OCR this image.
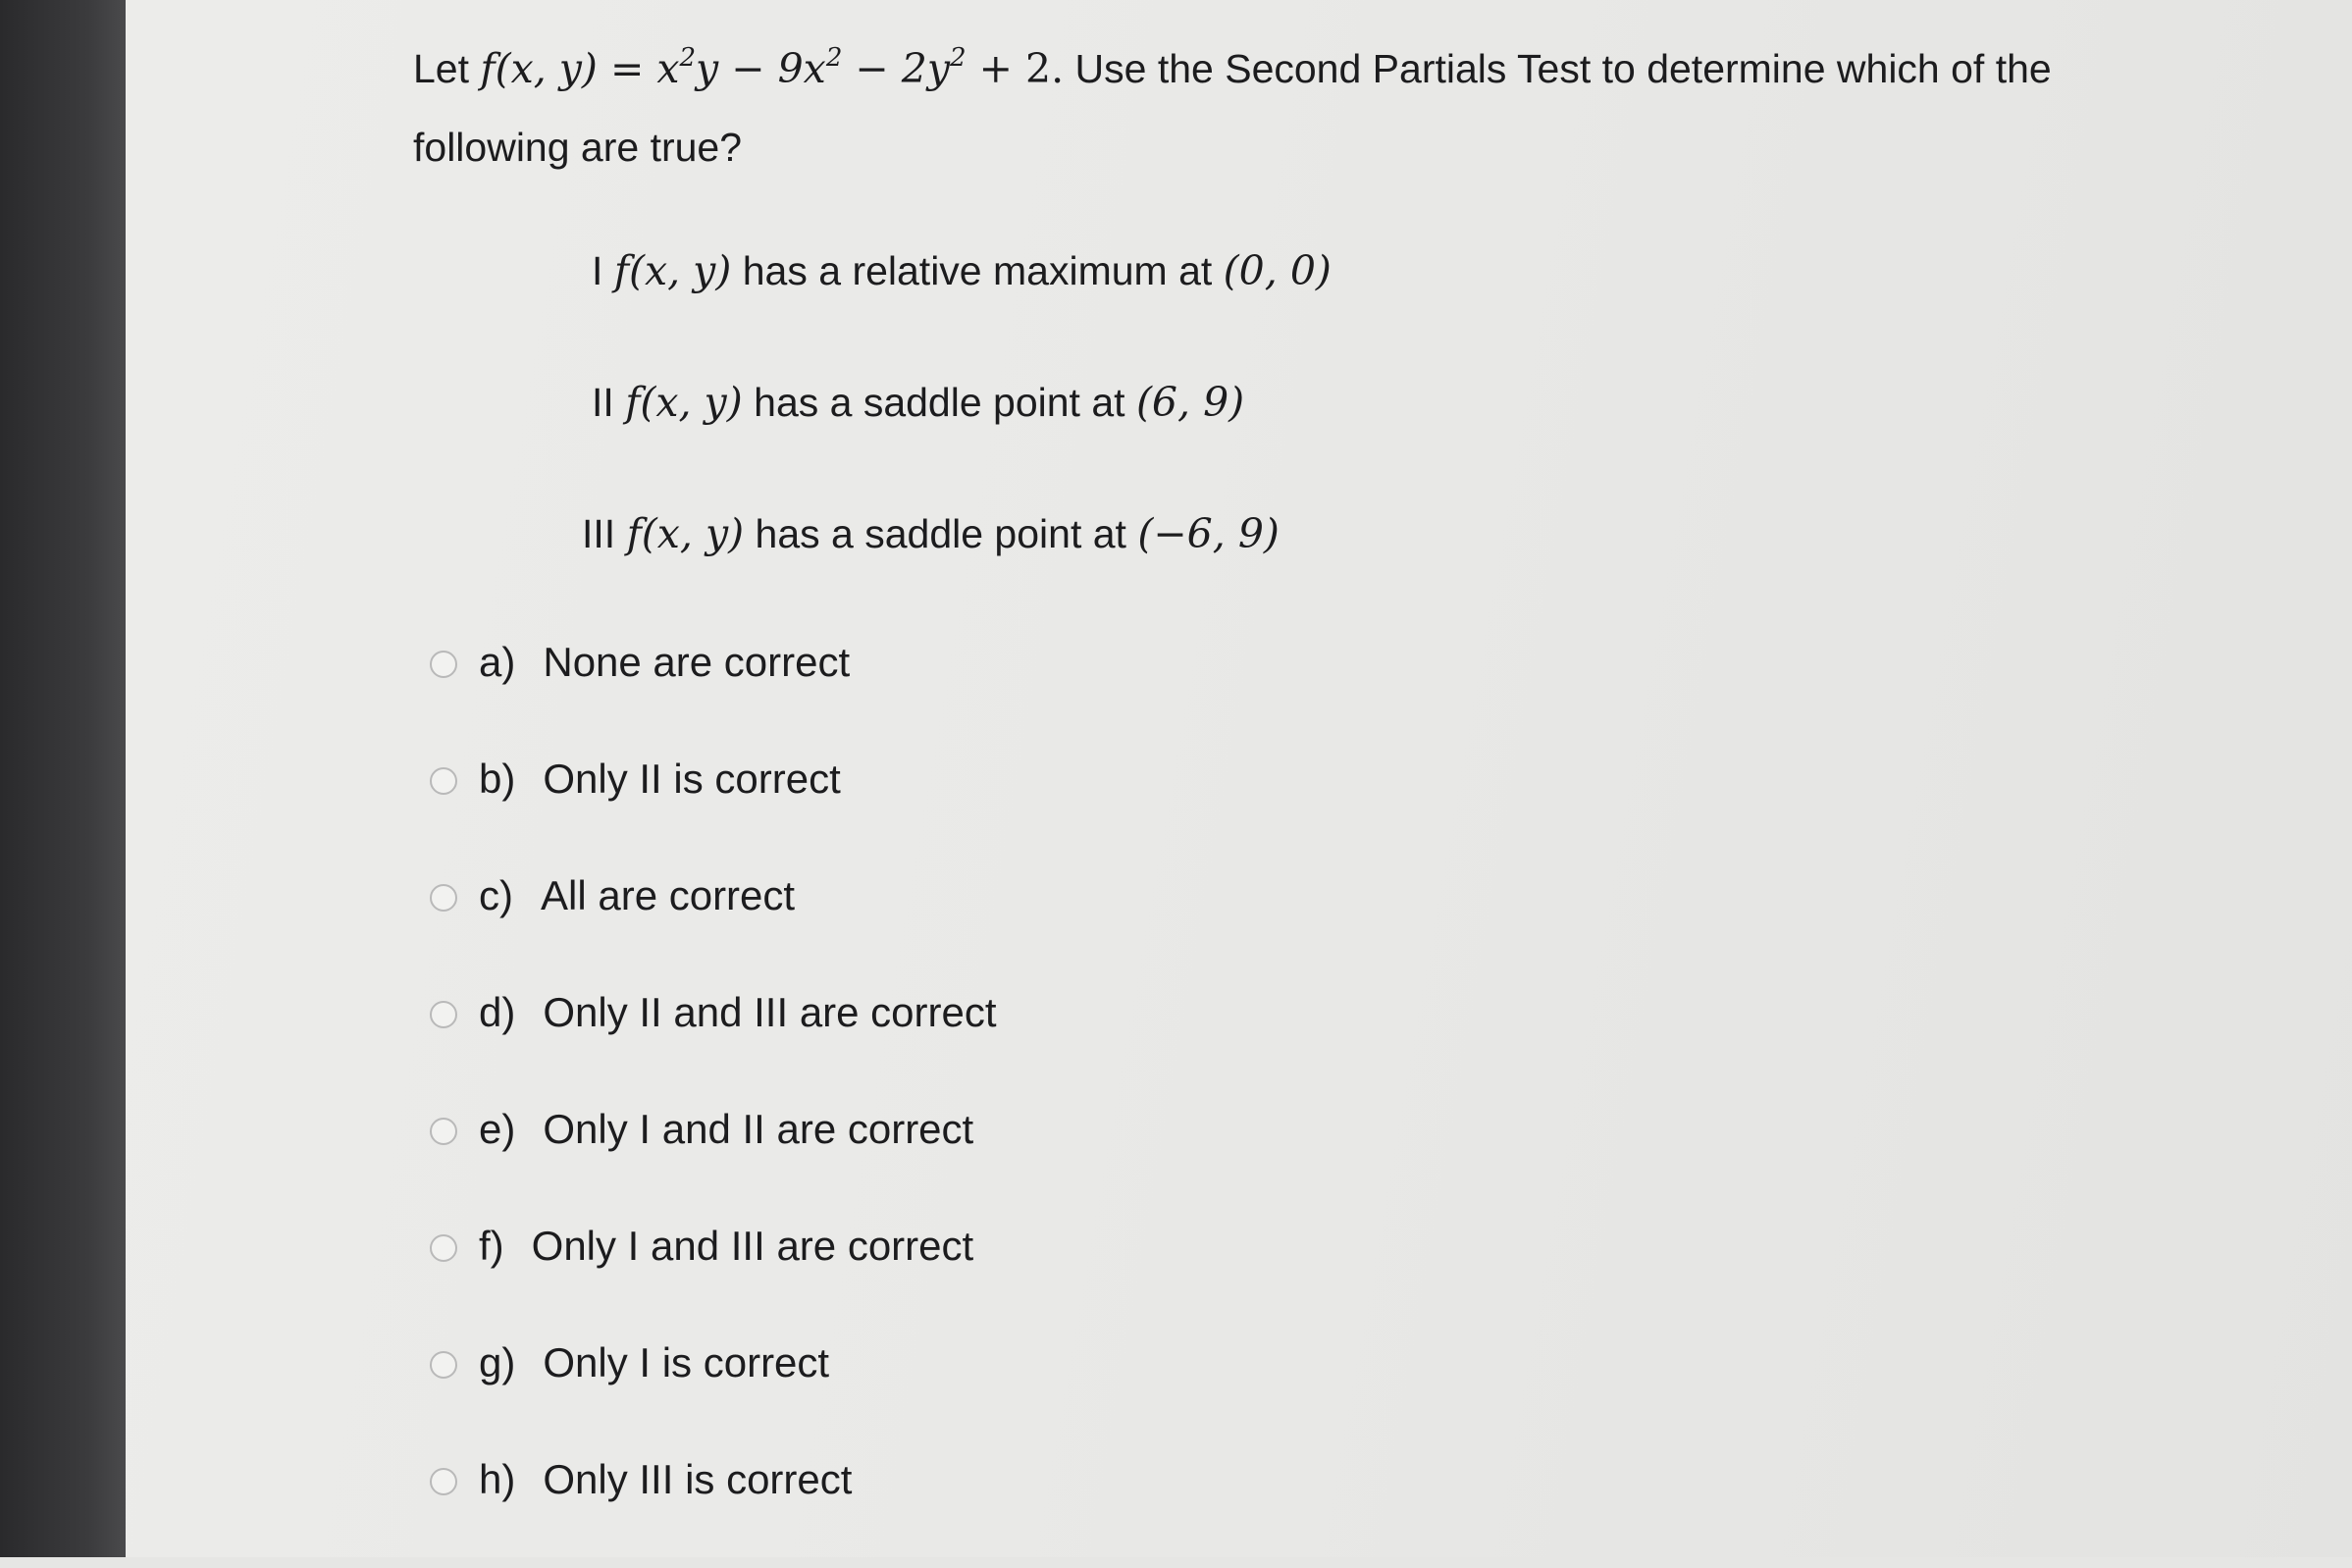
Let f(x, $y) = x^2y - 9x^2 - 2y^2 + 2$. Use the Second Partials Test to determine which of the following are true?

I f(x, y) has a relative maximum at (0, 0)
II f(x, y) has a saddle point at (6, 9)
III f(x, y) has a saddle point at (−6, 9)
a) None are correct
b) Only II is correct
c) All are correct
d) Only II and III are correct
e) Only I and II are correct
f) Only I and III are correct
g) Only I is correct
h) Only III is correct
